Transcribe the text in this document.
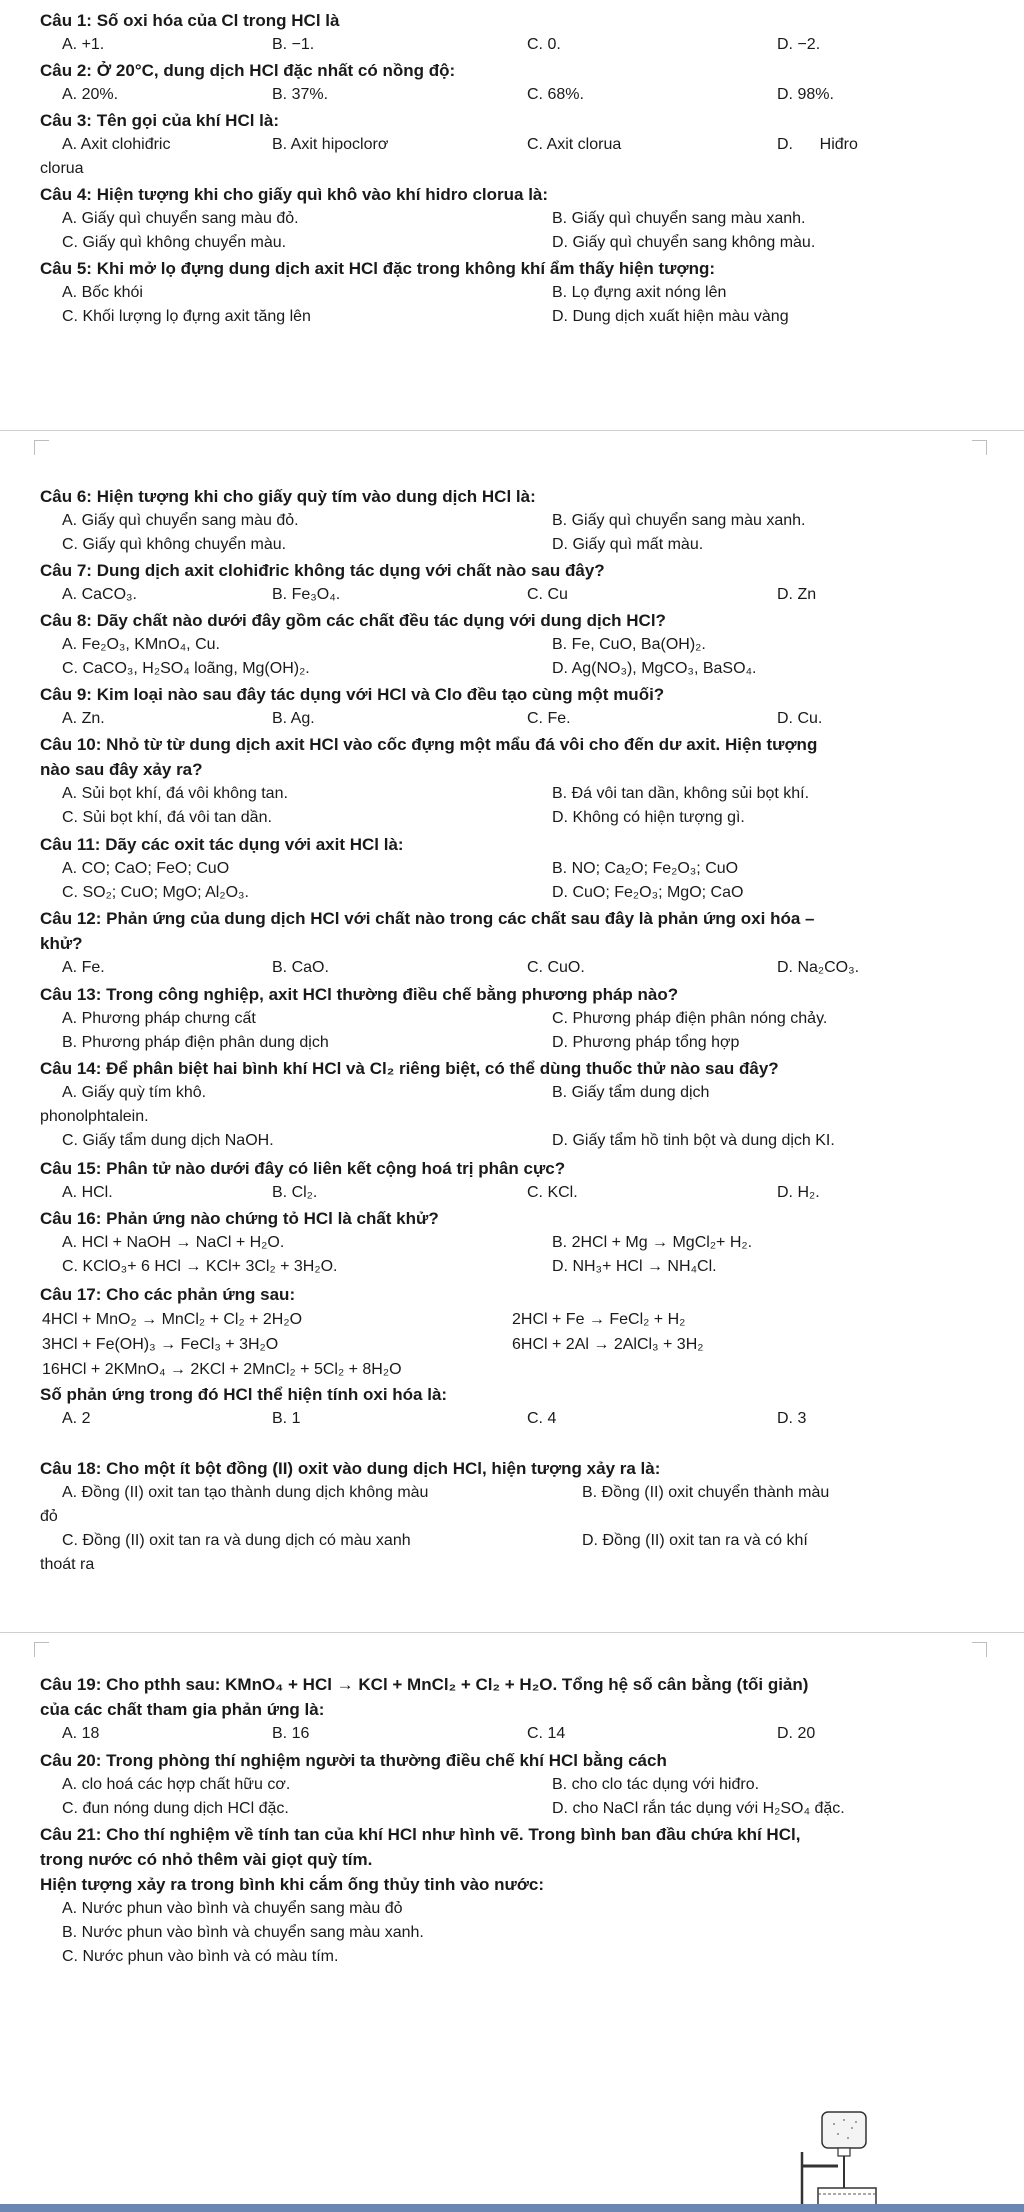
Câu 1: Số oxi hóa của Cl trong HCl là

A. +1.	B. −1.	C. 0.	D. −2.

Câu 2: Ở 20°C, dung dịch HCl đặc nhất có nồng độ:

A. 20%.	B. 37%.	C. 68%.	D. 98%.

Câu 3: Tên gọi của khí HCl là:

A. Axit clohiđric	B. Axit hipoclorơ	C. Axit clorua	D.      Hiđro

clorua

Câu 4: Hiện tượng khi cho giấy quì khô vào khí hidro clorua là:

A. Giấy quì chuyển sang màu đỏ.	B. Giấy quì chuyển sang màu xanh.
C. Giấy quì không chuyển màu.	D. Giấy quì chuyển sang không màu.

Câu 5: Khi mở lọ đựng dung dịch axit HCl đặc trong không khí ẩm thấy hiện tượng:

A. Bốc khói	B. Lọ đựng axit nóng lên
C. Khối lượng lọ đựng axit tăng lên	D. Dung dịch xuất hiện màu vàng

Câu 6: Hiện tượng khi cho giấy quỳ tím vào dung dịch HCl là:

A. Giấy quì chuyển sang màu đỏ.	B. Giấy quì chuyển sang màu xanh.
C. Giấy quì không chuyển màu.	D. Giấy quì mất màu.

Câu 7: Dung dịch axit clohiđric không tác dụng với chất nào sau đây?

A. CaCO₃.	B. Fe₃O₄.	C. Cu	D. Zn

Câu 8: Dãy chất nào dưới đây gồm các chất đều tác dụng với dung dịch HCl?

A. Fe₂O₃, KMnO₄, Cu.	B. Fe, CuO, Ba(OH)₂.
C. CaCO₃, H₂SO₄ loãng, Mg(OH)₂.	D. Ag(NO₃), MgCO₃, BaSO₄.

Câu 9: Kim loại nào sau đây tác dụng với HCl và Clo đều tạo cùng một muối?

A. Zn.	B. Ag.	C. Fe.	D. Cu.

Câu 10: Nhỏ từ từ dung dịch axit HCl vào cốc đựng một mẩu đá vôi cho đến dư axit. Hiện tượng

nào sau đây xảy ra?

A. Sủi bọt khí, đá vôi không tan.	B. Đá vôi tan dần, không sủi bọt khí.
C. Sủi bọt khí, đá vôi tan dần.	D. Không có hiện tượng gì.

Câu 11: Dãy các oxit tác dụng với axit HCl là:

A. CO; CaO; FeO; CuO	B. NO; Ca₂O; Fe₂O₃; CuO
C. SO₂; CuO; MgO; Al₂O₃.	D. CuO; Fe₂O₃; MgO; CaO

Câu 12: Phản ứng của dung dịch HCl với chất nào trong các chất sau đây là phản ứng oxi hóa –

khử?

A. Fe.	B. CaO.	C. CuO.	D. Na₂CO₃.

Câu 13: Trong công nghiệp, axit HCl thường điều chế bằng phương pháp nào?

A. Phương pháp chưng cất	C. Phương pháp điện phân nóng chảy.
B. Phương pháp điện phân dung dịch	D. Phương pháp tổng hợp

Câu 14: Để phân biệt hai bình khí HCl và Cl₂ riêng biệt, có thể dùng thuốc thử nào sau đây?

A. Giấy quỳ tím khô.	B. Giấy tẩm dung dịch

phonolphtalein.

C. Giấy tẩm dung dịch NaOH.	D. Giấy tẩm hồ tinh bột và dung dịch KI.

Câu 15: Phân tử nào dưới đây có liên kết cộng hoá trị phân cực?

A. HCl.	B. Cl₂.	C. KCl.	D. H₂.

Câu 16: Phản ứng nào chứng tỏ HCl là chất khử?

A. HCl + NaOH → NaCl + H₂O.	B. 2HCl + Mg → MgCl₂+ H₂.
C. KClO₃+ 6 HCl → KCl+ 3Cl₂ + 3H₂O.	D. NH₃+ HCl → NH₄Cl.

Câu 17: Cho các phản ứng sau:

4HCl + MnO₂ → MnCl₂ + Cl₂ + 2H₂O	2HCl + Fe → FeCl₂ + H₂
3HCl + Fe(OH)₃ → FeCl₃ + 3H₂O	6HCl + 2Al → 2AlCl₃ + 3H₂
16HCl + 2KMnO₄ → 2KCl + 2MnCl₂ + 5Cl₂ + 8H₂O

Số phản ứng trong đó HCl thể hiện tính oxi hóa là:

A. 2	B. 1	C. 4	D. 3

Câu 18: Cho một ít bột đồng (II) oxit vào dung dịch HCl, hiện tượng xảy ra là:

A. Đồng (II) oxit tan tạo thành dung dịch không màu	B. Đồng (II) oxit chuyển thành màu

đỏ

C. Đồng (II) oxit tan ra và dung dịch có màu xanh	D. Đồng (II) oxit tan ra và có khí

thoát ra

Câu 19: Cho pthh sau: KMnO₄ + HCl → KCl + MnCl₂ + Cl₂ + H₂O. Tổng hệ số cân bằng (tối giản)

của các chất tham gia phản ứng là:

A. 18	B. 16	C. 14	D. 20

Câu 20: Trong phòng thí nghiệm người ta thường điều chế khí HCl bằng cách

A. clo hoá các hợp chất hữu cơ.	B. cho clo tác dụng với hiđro.
C. đun nóng dung dịch HCl đặc.	D. cho NaCl rắn tác dụng với H₂SO₄ đặc.

Câu 21: Cho thí nghiệm về tính tan của khí HCl như hình vẽ. Trong bình ban đầu chứa khí HCl,

trong nước có nhỏ thêm vài giọt quỳ tím.

Hiện tượng xảy ra trong bình khi cắm ống thủy tinh vào nước:

A. Nước phun vào bình và chuyển sang màu đỏ
B. Nước phun vào bình và chuyển sang màu xanh.
C. Nước phun vào bình và có màu tím.
